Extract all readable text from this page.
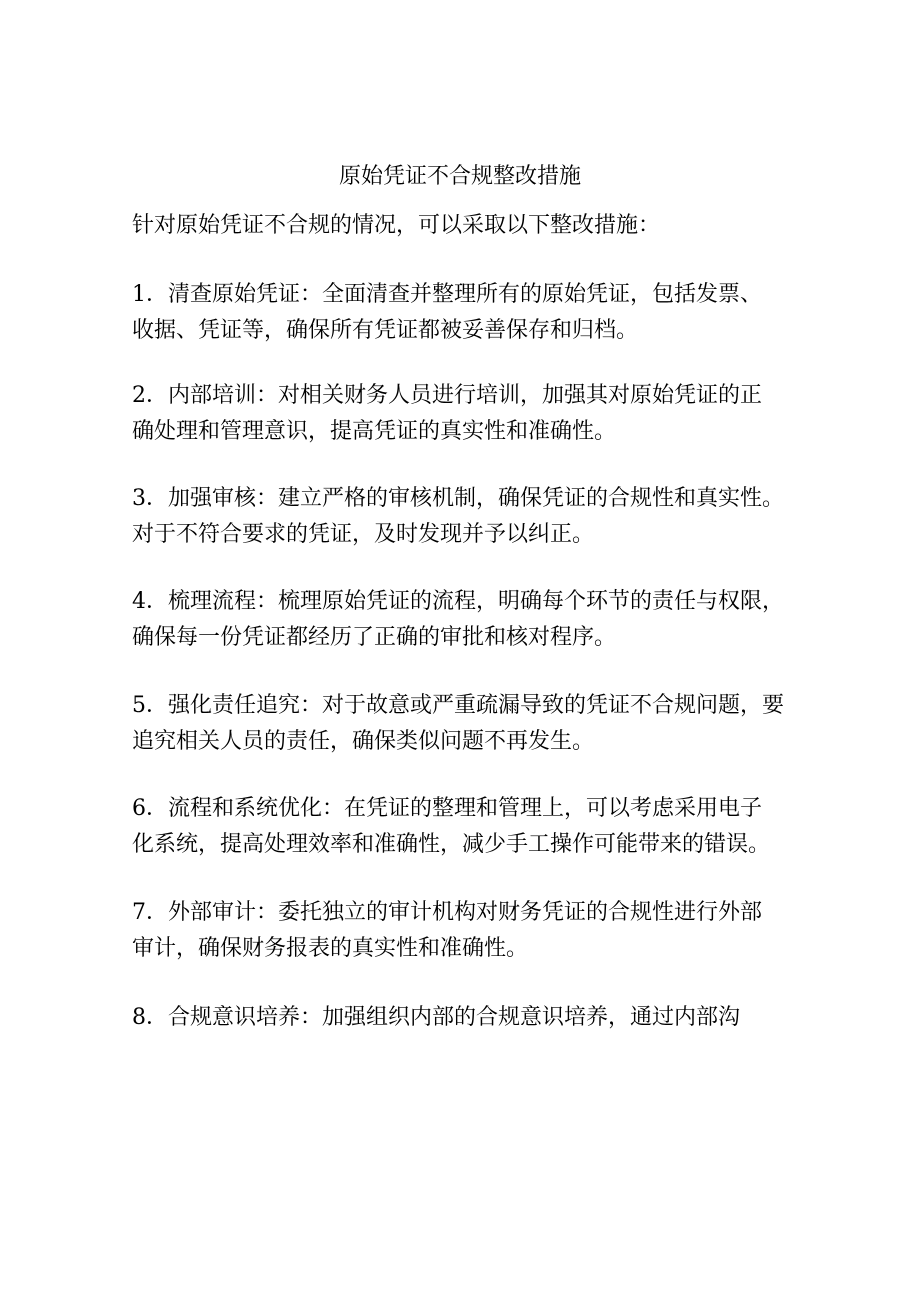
原始凭证不合规整改措施
针对原始凭证不合规的情况，可以采取以下整改措施：
1．清查原始凭证：全面清查并整理所有的原始凭证，包括发票、
收据、凭证等，确保所有凭证都被妥善保存和归档。
2．内部培训：对相关财务人员进行培训，加强其对原始凭证的正
确处理和管理意识，提高凭证的真实性和准确性。
3．加强审核：建立严格的审核机制，确保凭证的合规性和真实性。
对于不符合要求的凭证，及时发现并予以纠正。
4．梳理流程：梳理原始凭证的流程，明确每个环节的责任与权限，
确保每一份凭证都经历了正确的审批和核对程序。
5．强化责任追究：对于故意或严重疏漏导致的凭证不合规问题，要
追究相关人员的责任，确保类似问题不再发生。
6．流程和系统优化：在凭证的整理和管理上，可以考虑采用电子
化系统，提高处理效率和准确性，减少手工操作可能带来的错误。
7．外部审计：委托独立的审计机构对财务凭证的合规性进行外部
审计，确保财务报表的真实性和准确性。
8．合规意识培养：加强组织内部的合规意识培养，通过内部沟
